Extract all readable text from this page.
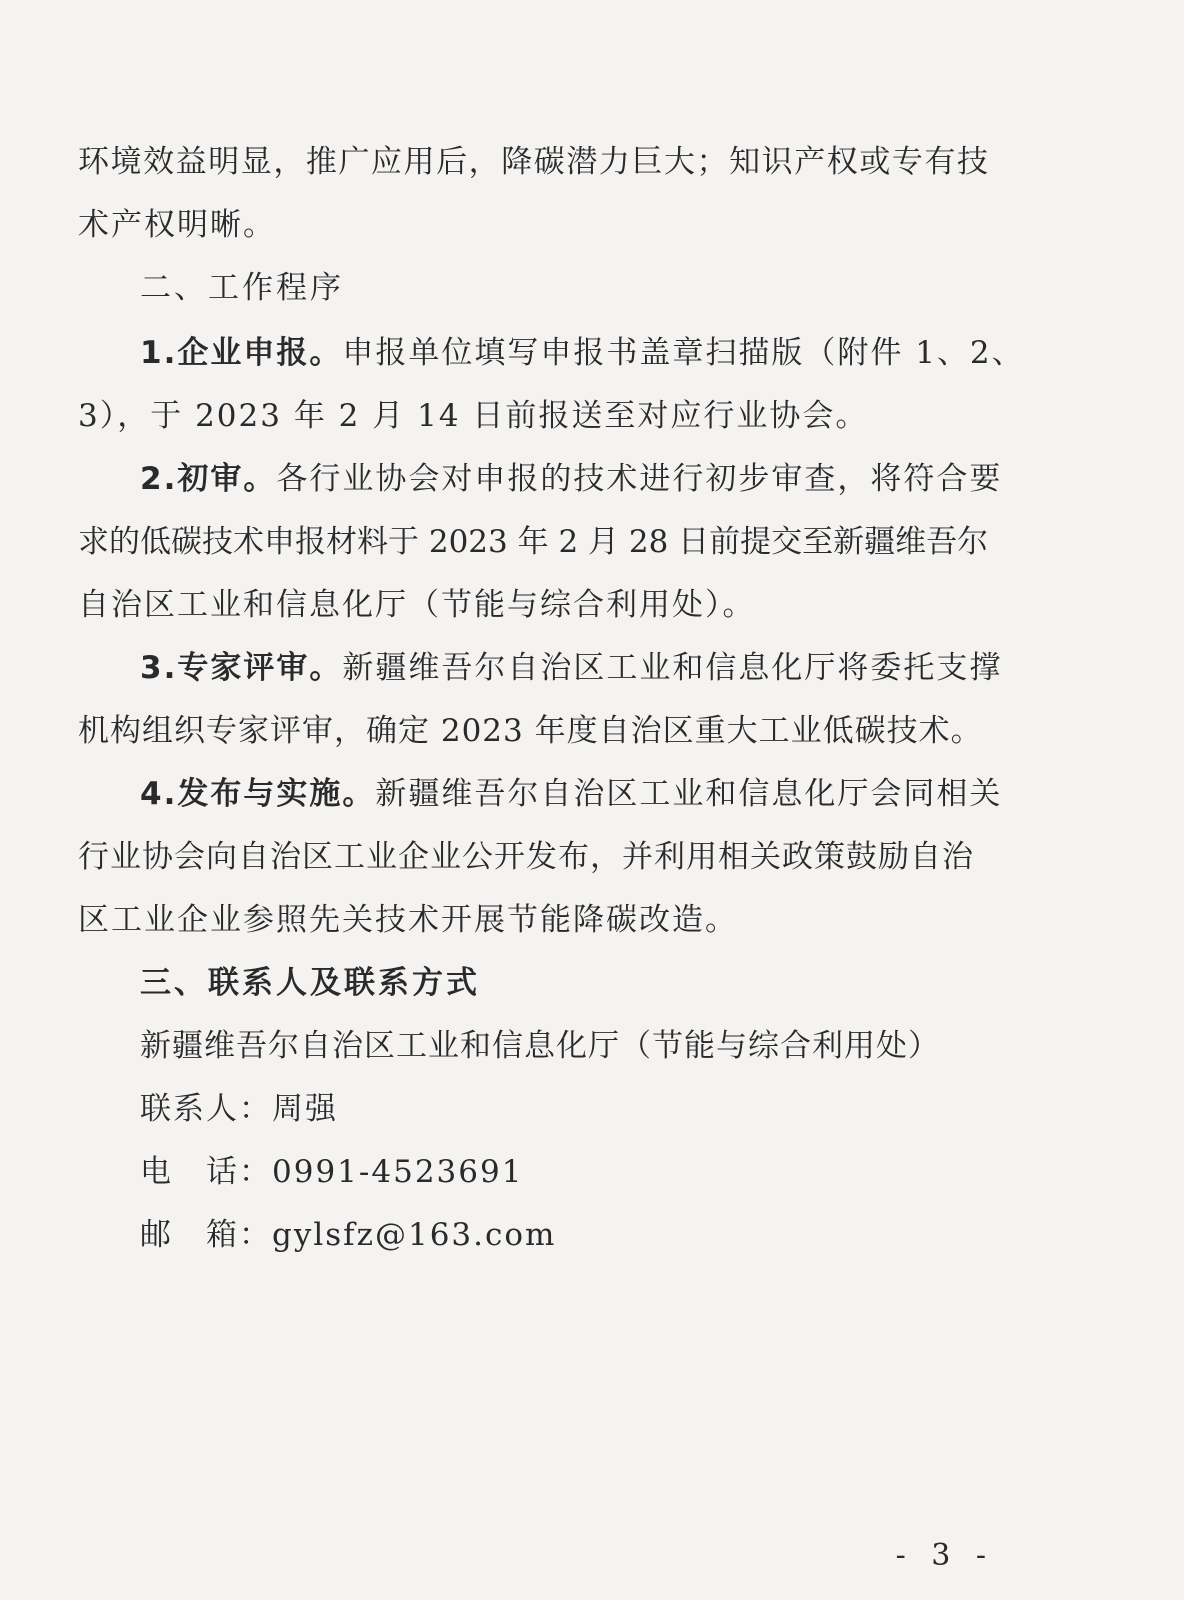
环境效益明显，推广应用后，降碳潜力巨大；知识产权或专有技
术产权明晰。
二、工作程序
1.企业申报。申报单位填写申报书盖章扫描版（附件 1、2、
3），于 2023 年 2 月 14 日前报送至对应行业协会。
2.初审。各行业协会对申报的技术进行初步审查，将符合要
求的低碳技术申报材料于 2023 年 2 月 28 日前提交至新疆维吾尔
自治区工业和信息化厅（节能与综合利用处）。
3.专家评审。新疆维吾尔自治区工业和信息化厅将委托支撑
机构组织专家评审，确定 2023 年度自治区重大工业低碳技术。
4.发布与实施。新疆维吾尔自治区工业和信息化厅会同相关
行业协会向自治区工业企业公开发布，并利用相关政策鼓励自治
区工业企业参照先关技术开展节能降碳改造。
三、联系人及联系方式
新疆维吾尔自治区工业和信息化厅（节能与综合利用处）
联系人：周强
电　话：0991-4523691
邮　箱：gylsfz@163.com
- 3 -
